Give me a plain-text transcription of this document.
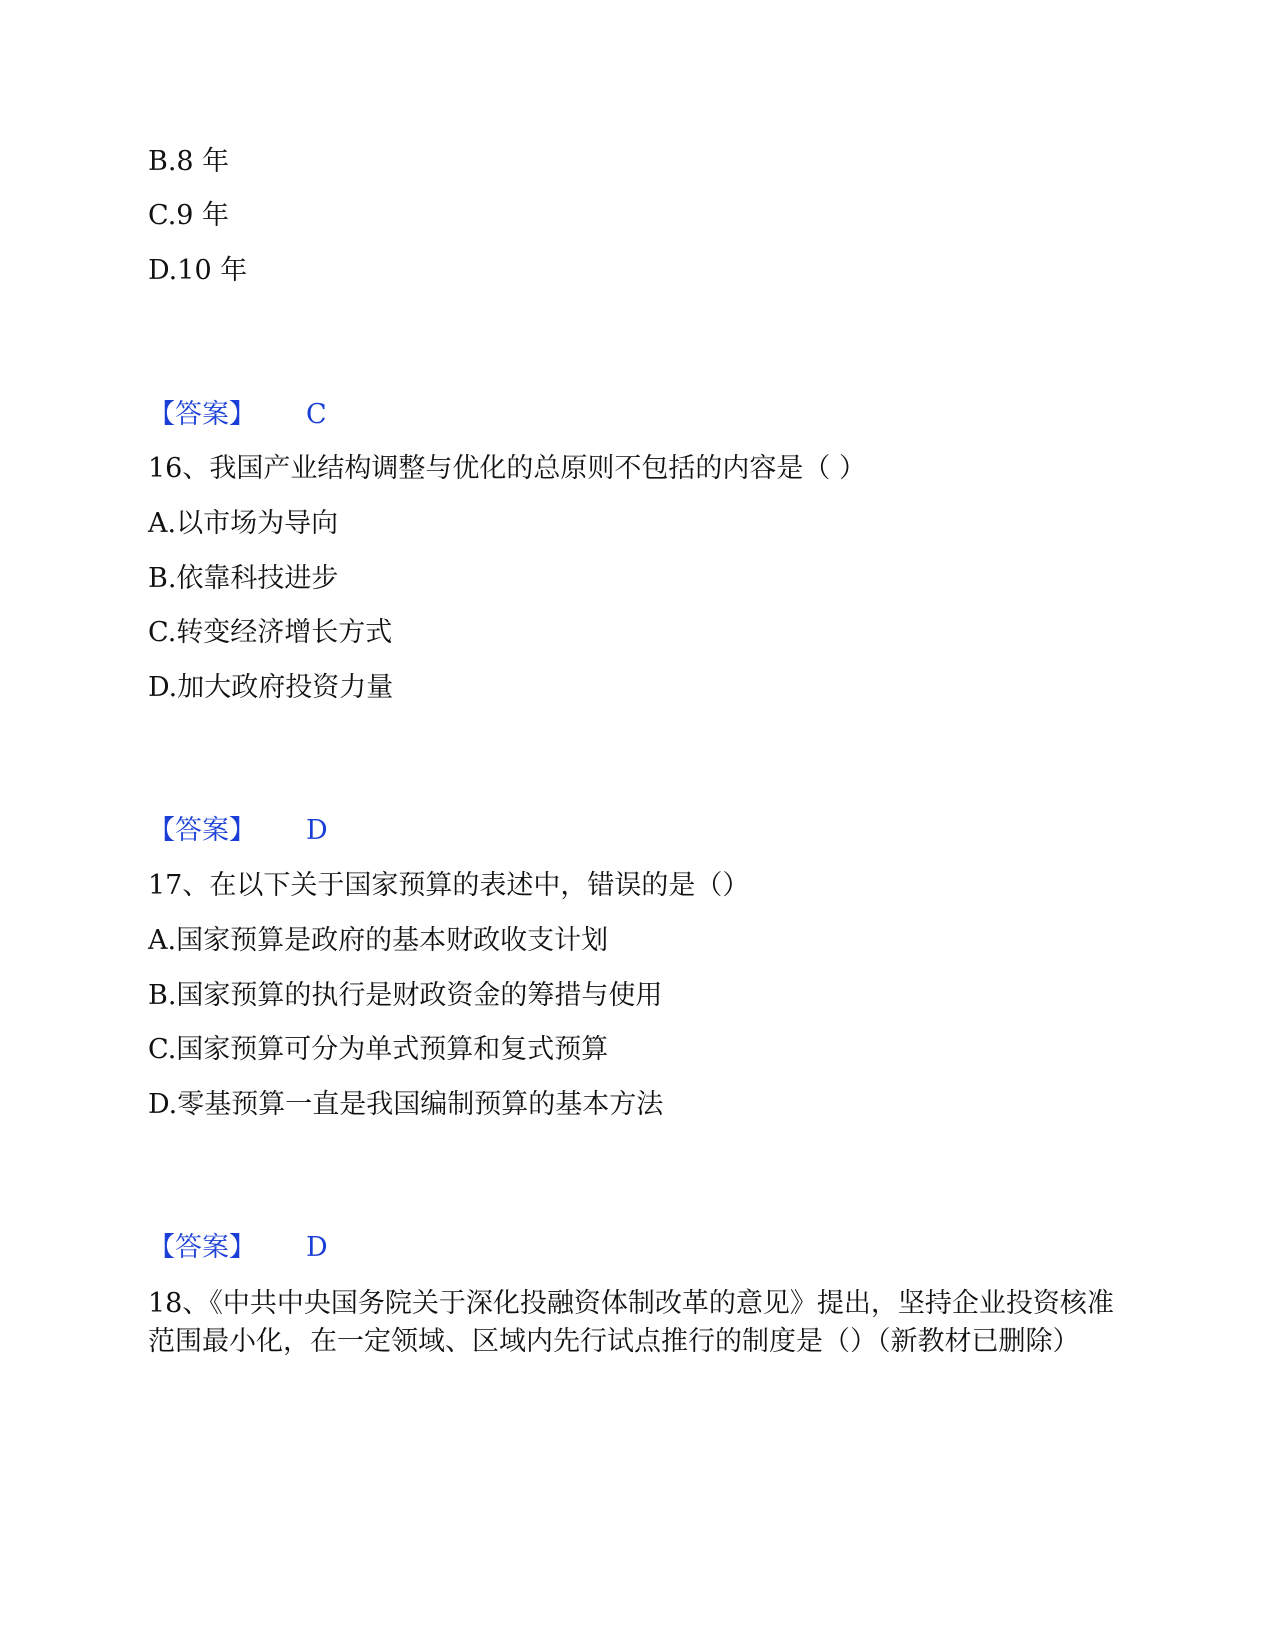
B.8 年
C.9 年
D.10 年
【答案】 C
16、我国产业结构调整与优化的总原则不包括的内容是（ ）
A.以市场为导向
B.依靠科技进步
C.转变经济增长方式
D.加大政府投资力量
【答案】 D
17、在以下关于国家预算的表述中，错误的是（）
A.国家预算是政府的基本财政收支计划
B.国家预算的执行是财政资金的筹措与使用
C.国家预算可分为单式预算和复式预算
D.零基预算一直是我国编制预算的基本方法
【答案】 D
18、《中共中央国务院关于深化投融资体制改革的意见》提出，坚持企业投资核准范围最小化，在一定领域、区域内先行试点推行的制度是（）（新教材已删除）
